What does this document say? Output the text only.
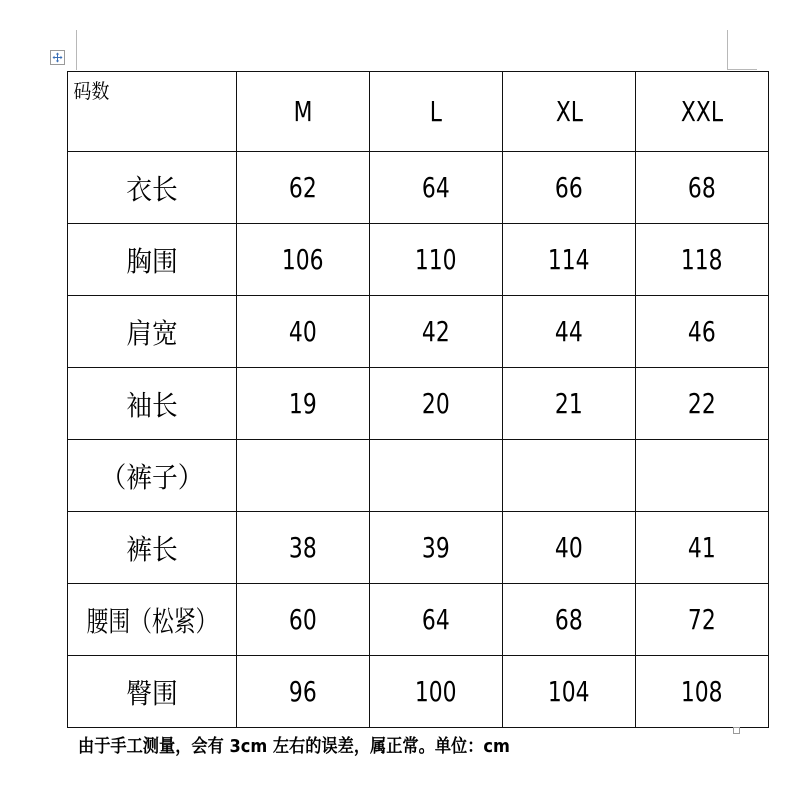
码数	M	L	XL	XXL
衣长	62	64	66	68
胸围	106	110	114	118
肩宽	40	42	44	46
袖长	19	20	21	22
（裤子）				
裤长	38	39	40	41
腰围（松紧）	60	64	68	72
臀围	96	100	104	108
由于手工测量，会有 3cm 左右的误差，属正常。单位：cm
